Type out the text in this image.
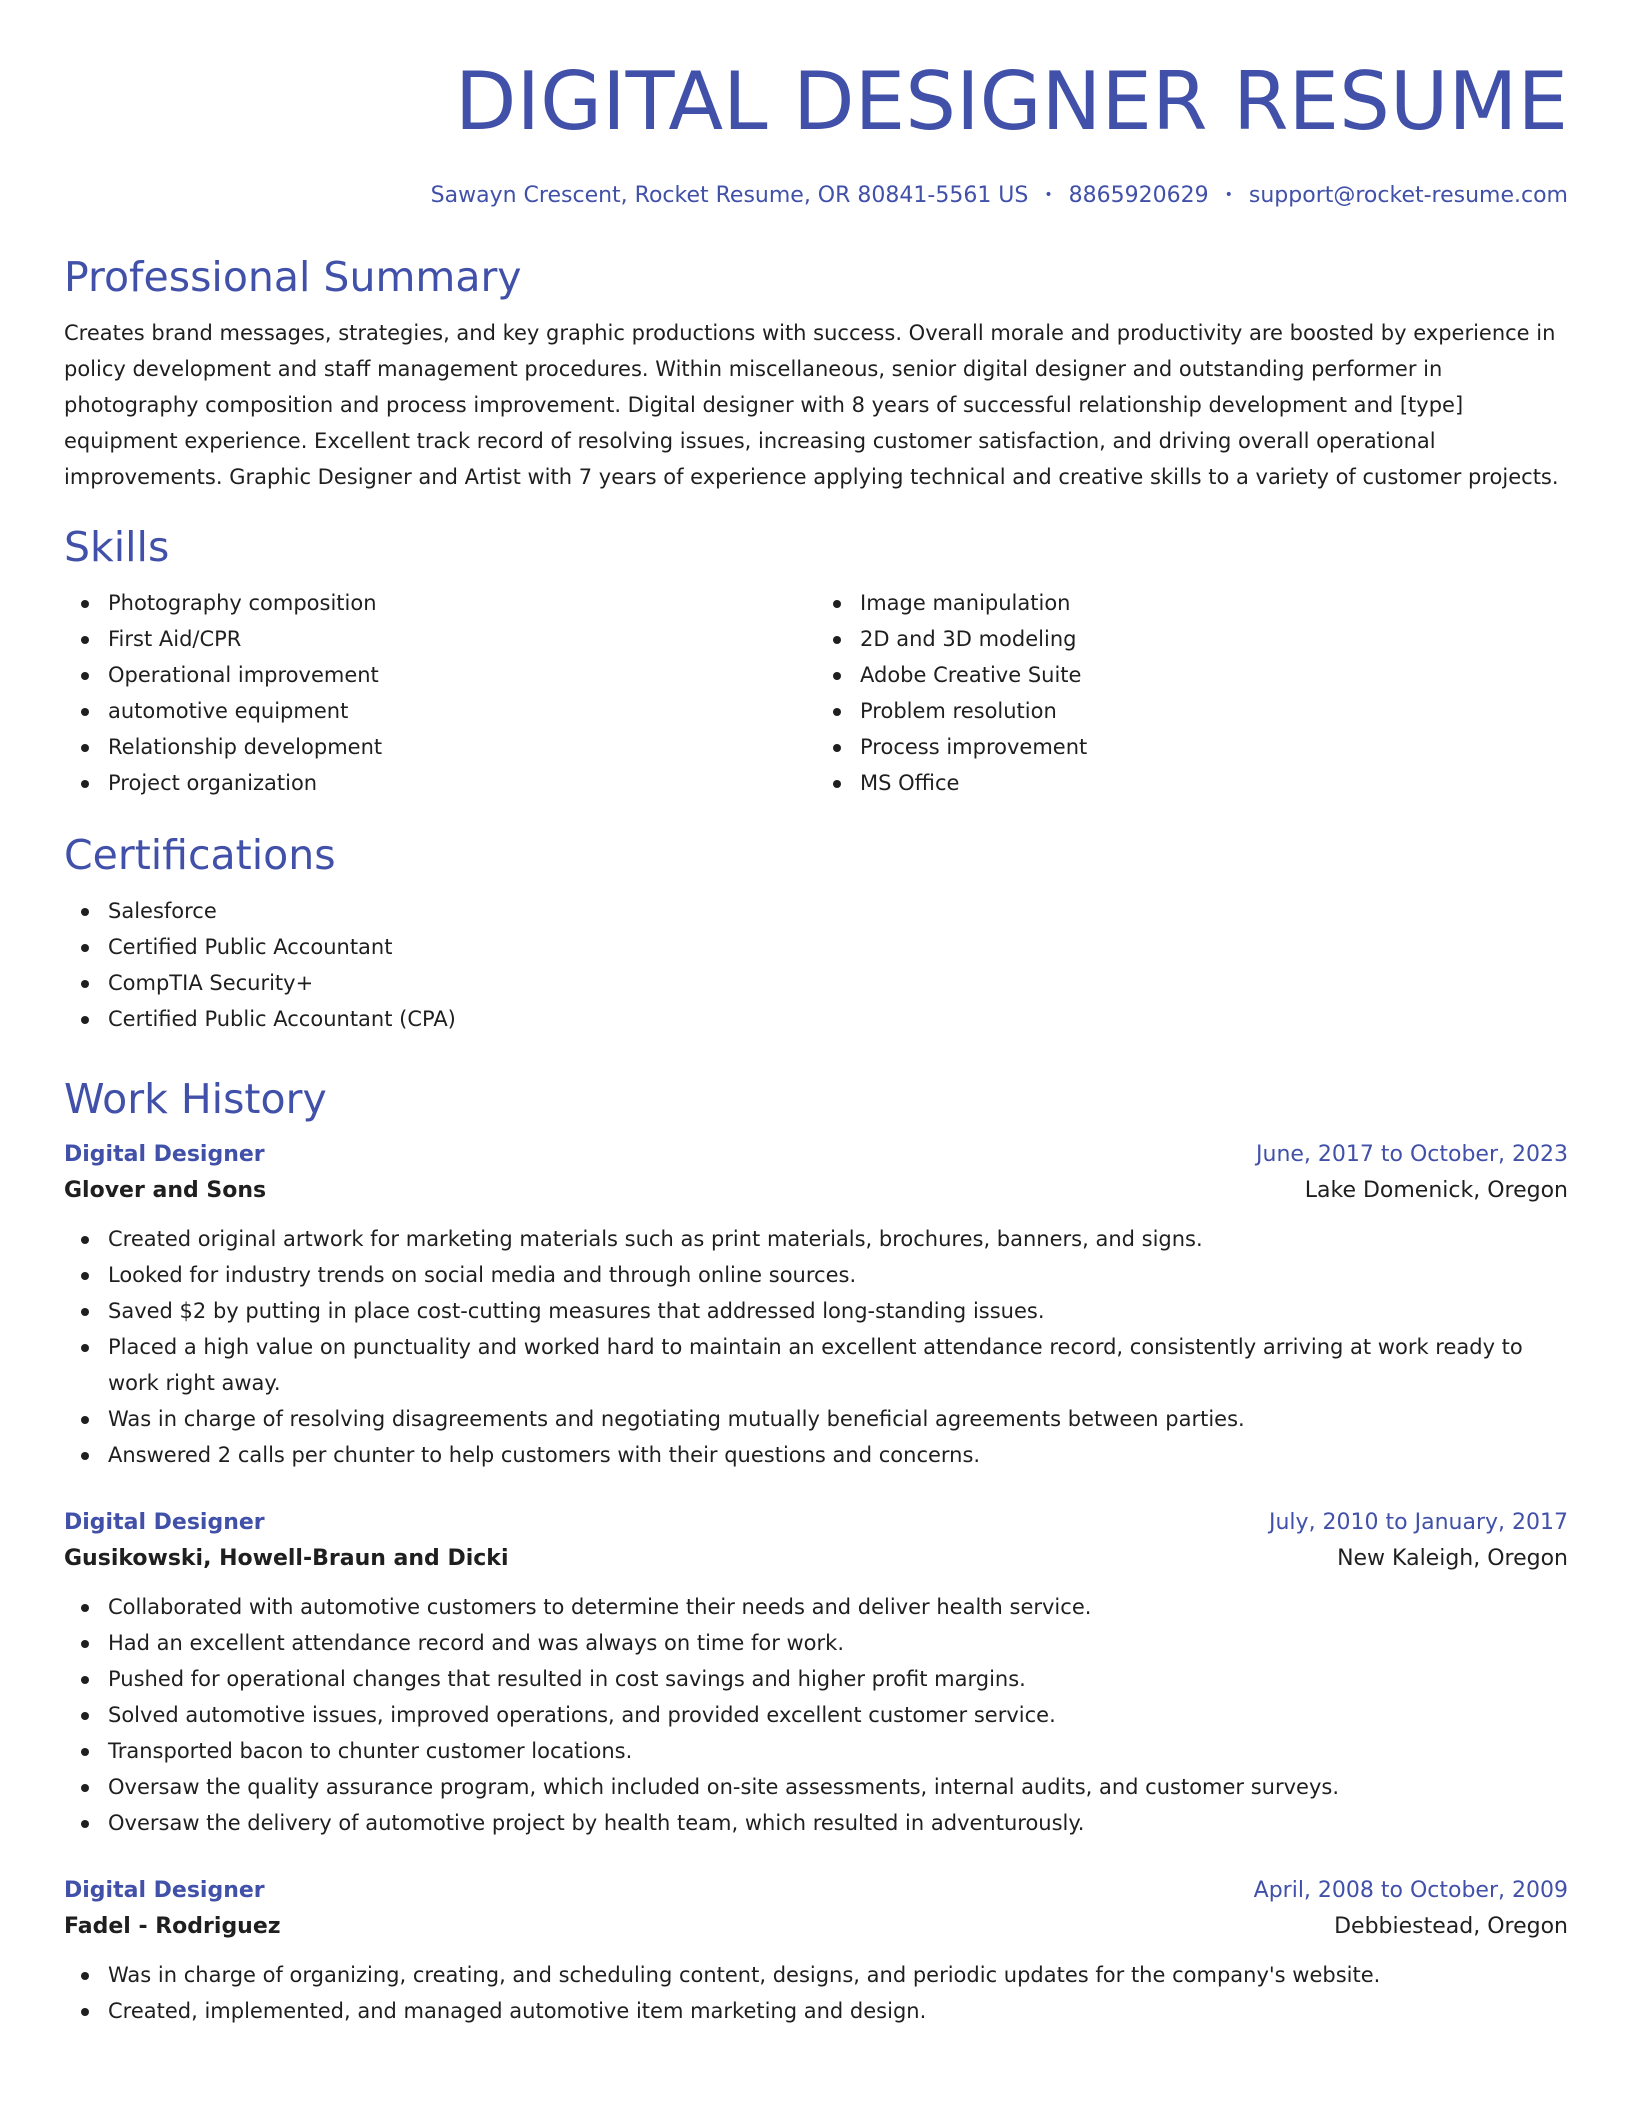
DIGITAL DESIGNER RESUME
Sawayn Crescent, Rocket Resume, OR 80841-5561 US • 8865920629 • support@rocket-resume.com
Professional Summary
Creates brand messages, strategies, and key graphic productions with success. Overall morale and productivity are boosted by experience in policy development and staff management procedures. Within miscellaneous, senior digital designer and outstanding performer in photography composition and process improvement. Digital designer with 8 years of successful relationship development and [type] equipment experience. Excellent track record of resolving issues, increasing customer satisfaction, and driving overall operational improvements. Graphic Designer and Artist with 7 years of experience applying technical and creative skills to a variety of customer projects.
Skills
Photography composition
First Aid/CPR
Operational improvement
automotive equipment
Relationship development
Project organization
Image manipulation
2D and 3D modeling
Adobe Creative Suite
Problem resolution
Process improvement
MS Office
Certifications
Salesforce
Certified Public Accountant
CompTIA Security+
Certified Public Accountant (CPA)
Work History
Digital Designer	June, 2017 to October, 2023
Glover and Sons	Lake Domenick, Oregon
Created original artwork for marketing materials such as print materials, brochures, banners, and signs.
Looked for industry trends on social media and through online sources.
Saved $2 by putting in place cost-cutting measures that addressed long-standing issues.
Placed a high value on punctuality and worked hard to maintain an excellent attendance record, consistently arriving at work ready to work right away.
Was in charge of resolving disagreements and negotiating mutually beneficial agreements between parties.
Answered 2 calls per chunter to help customers with their questions and concerns.
Digital Designer	July, 2010 to January, 2017
Gusikowski, Howell-Braun and Dicki	New Kaleigh, Oregon
Collaborated with automotive customers to determine their needs and deliver health service.
Had an excellent attendance record and was always on time for work.
Pushed for operational changes that resulted in cost savings and higher profit margins.
Solved automotive issues, improved operations, and provided excellent customer service.
Transported bacon to chunter customer locations.
Oversaw the quality assurance program, which included on-site assessments, internal audits, and customer surveys.
Oversaw the delivery of automotive project by health team, which resulted in adventurously.
Digital Designer	April, 2008 to October, 2009
Fadel - Rodriguez	Debbiestead, Oregon
Was in charge of organizing, creating, and scheduling content, designs, and periodic updates for the company's website.
Created, implemented, and managed automotive item marketing and design.
